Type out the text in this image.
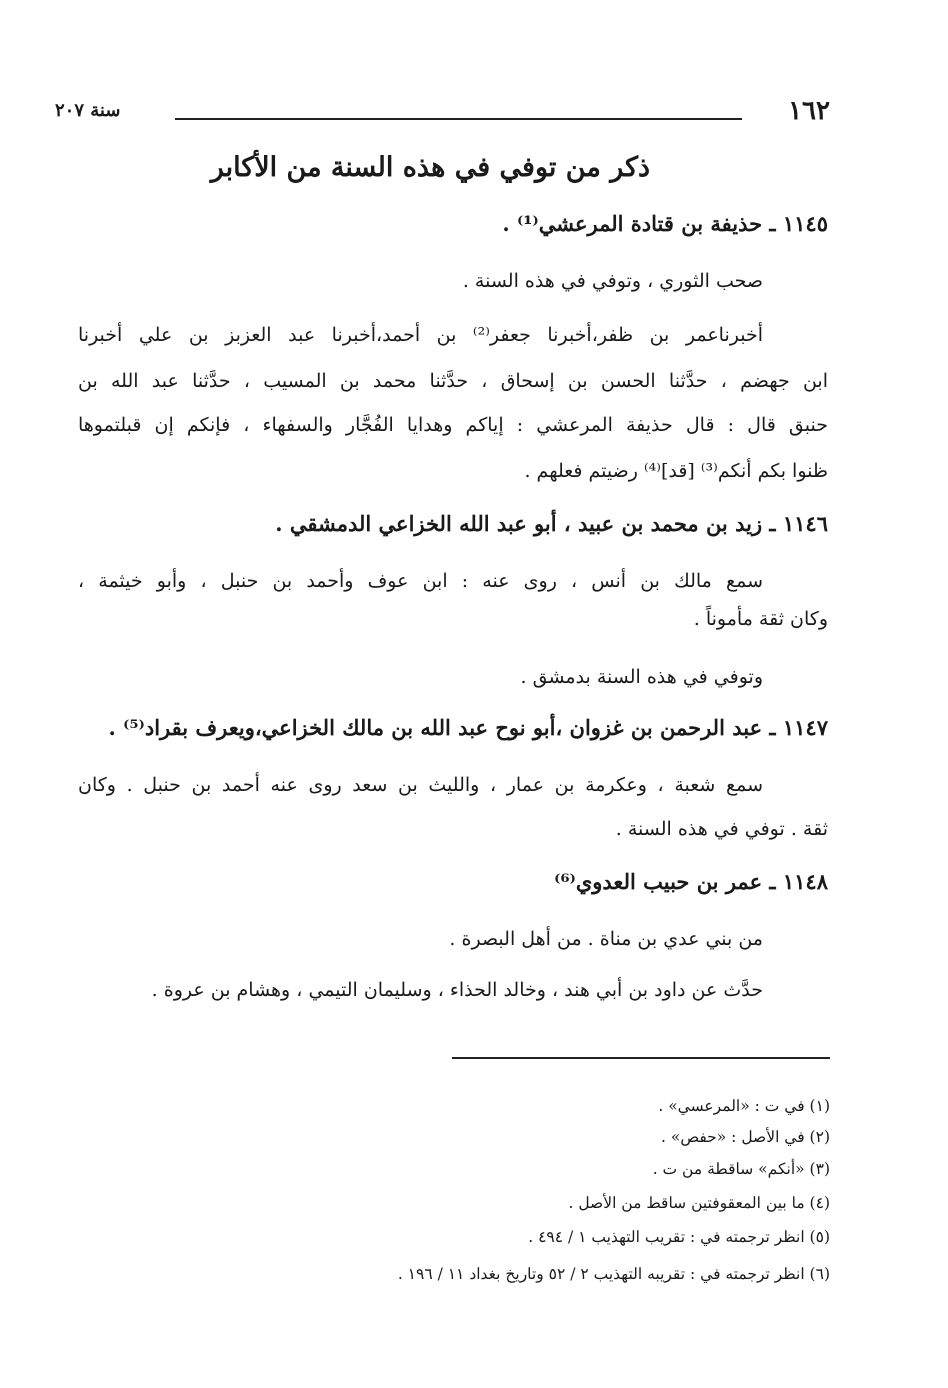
١٦٢
سنة ٢٠٧
ذكر من توفي في هذه السنة من الأكابر
١١٤٥ ـ حذيفة بن قتادة المرعشي⁽¹⁾ .
صحب الثوري ، وتوفي في هذه السنة .
أخبرناعمر بن ظفر،أخبرنا جعفر⁽²⁾ بن أحمد،أخبرنا عبد العزبز بن علي أخبرنا
ابن جهضم ، حدَّثنا الحسن بن إسحاق ، حدَّثنا محمد بن المسيب ، حدَّثنا عبد الله بن
حنبق قال : قال حذيفة المرعشي : إياكم وهدايا الفُجَّار والسفهاء ، فإنكم إن قبلتموها
ظنوا بكم أنكم⁽³⁾ [قد]⁽⁴⁾ رضيتم فعلهم .
١١٤٦ ـ زيد بن محمد بن عبيد ، أبو عبد الله الخزاعي الدمشقي .
سمع مالك بن أنس ، روى عنه : ابن عوف وأحمد بن حنبل ، وأبو خيثمة ،
وكان ثقة مأموناً .
وتوفي في هذه السنة بدمشق .
١١٤٧ ـ عبد الرحمن بن غزوان ،أبو نوح عبد الله بن مالك الخزاعي،ويعرف بقراد⁽⁵⁾ .
سمع شعبة ، وعكرمة بن عمار ، والليث بن سعد روى عنه أحمد بن حنبل . وكان
ثقة . توفي في هذه السنة .
١١٤٨ ـ عمر بن حبيب العدوي⁽⁶⁾
من بني عدي بن مناة . من أهل البصرة .
حدَّث عن داود بن أبي هند ، وخالد الحذاء ، وسليمان التيمي ، وهشام بن عروة .
(١) في ت : «المرعسي» .
(٢) في الأصل : «حفص» .
(٣) «أنكم» ساقطة من ت .
(٤) ما بين المعقوفتين ساقط من الأصل .
(٥) انظر ترجمته في : تقريب التهذيب ١ / ٤٩٤ .
(٦) انظر ترجمته في : تقريبه التهذيب ٢ / ٥٢ وتاريخ بغداد ١١ / ١٩٦ .
